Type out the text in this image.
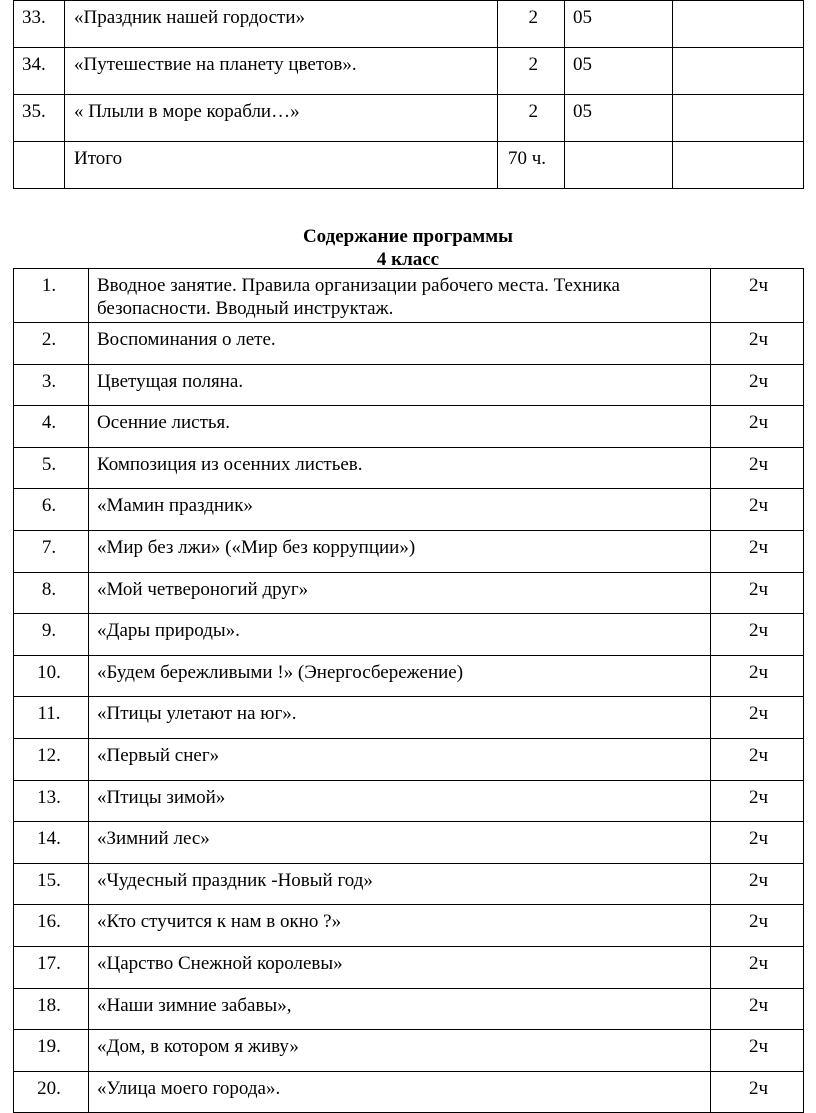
33.	«Праздник нашей гордости»	2	05	
34.	«Путешествие на планету цветов».	2	05	
35.	« Плыли в море корабли…»	2	05	
	Итого	70 ч.		
Содержание программы
4 класс
1.	Вводное занятие. Правила организации рабочего места. Техника безопасности. Вводный инструктаж.	2ч
2.	Воспоминания о лете.	2ч
3.	Цветущая поляна.	2ч
4.	Осенние листья.	2ч
5.	Композиция из осенних листьев.	2ч
6.	«Мамин праздник»	2ч
7.	«Мир без лжи» («Мир без коррупции»)	2ч
8.	«Мой четвероногий друг»	2ч
9.	«Дары природы».	2ч
10.	«Будем бережливыми !» (Энергосбережение)	2ч
11.	«Птицы улетают на юг».	2ч
12.	«Первый снег»	2ч
13.	«Птицы зимой»	2ч
14.	«Зимний лес»	2ч
15.	«Чудесный праздник -Новый год»	2ч
16.	«Кто стучится к нам в окно ?»	2ч
17.	«Царство Снежной королевы»	2ч
18.	«Наши зимние забавы»,	2ч
19.	«Дом, в котором я живу»	2ч
20.	«Улица моего города».	2ч
